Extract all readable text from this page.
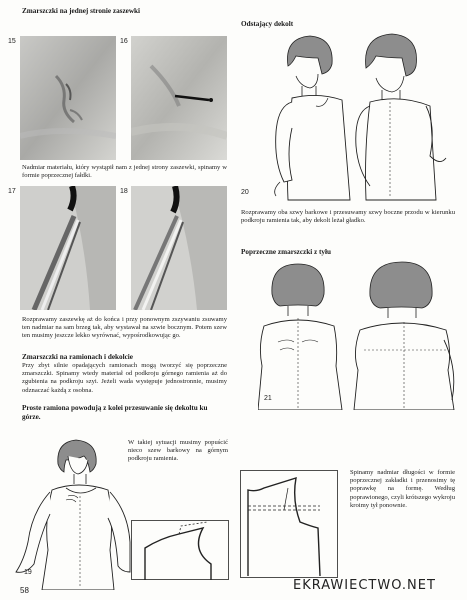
Zmarszczki na jednej stronie zaszewki
15	16
Nadmiar materiału, który wystąpił nam z jednej strony zaszewki, spinamy w formie poprzecznej fałdki.
17	18
Rozprawamy zaszewkę aż do końca i przy ponownym zszywaniu zsuwamy ten nadmiar na sam brzeg tak, aby wystawał na szwie bocznym. Potem szew ten musimy jeszcze lekko wyrównać, wypośrodkowując go.
Zmarszczki na ramionach i dekolcie
Przy zbyt silnie opadających ramionach mogą tworzyć się poprzeczne zmarszczki. Spinamy wtedy materiał od podkroju górnego ramienia aż do zgubienia na podkroju szyi. Jeżeli wada występuje jednostronnie, musimy odznaczać każdą z osobna.
Proste ramiona powodują z kolei przesuwanie się dekoltu ku górze.
19
W takiej sytuacji musimy popuścić nieco szew barkowy na górnym podkroju ramienia.
58
Odstający dekolt
20
Rozprawamy oba szwy barkowe i przesuwamy szwy boczne przodu w kierunku podkroju ramienia tak, aby dekolt leżał gładko.
Poprzeczne zmarszczki z tyłu
21
Spinamy nadmiar długości w formie poprzecznej zakładki i przenosimy tę poprawkę na formę. Według poprawionego, czyli krótszego wykroju kroimy tył ponownie.
EKRAWIECTWO.NET
